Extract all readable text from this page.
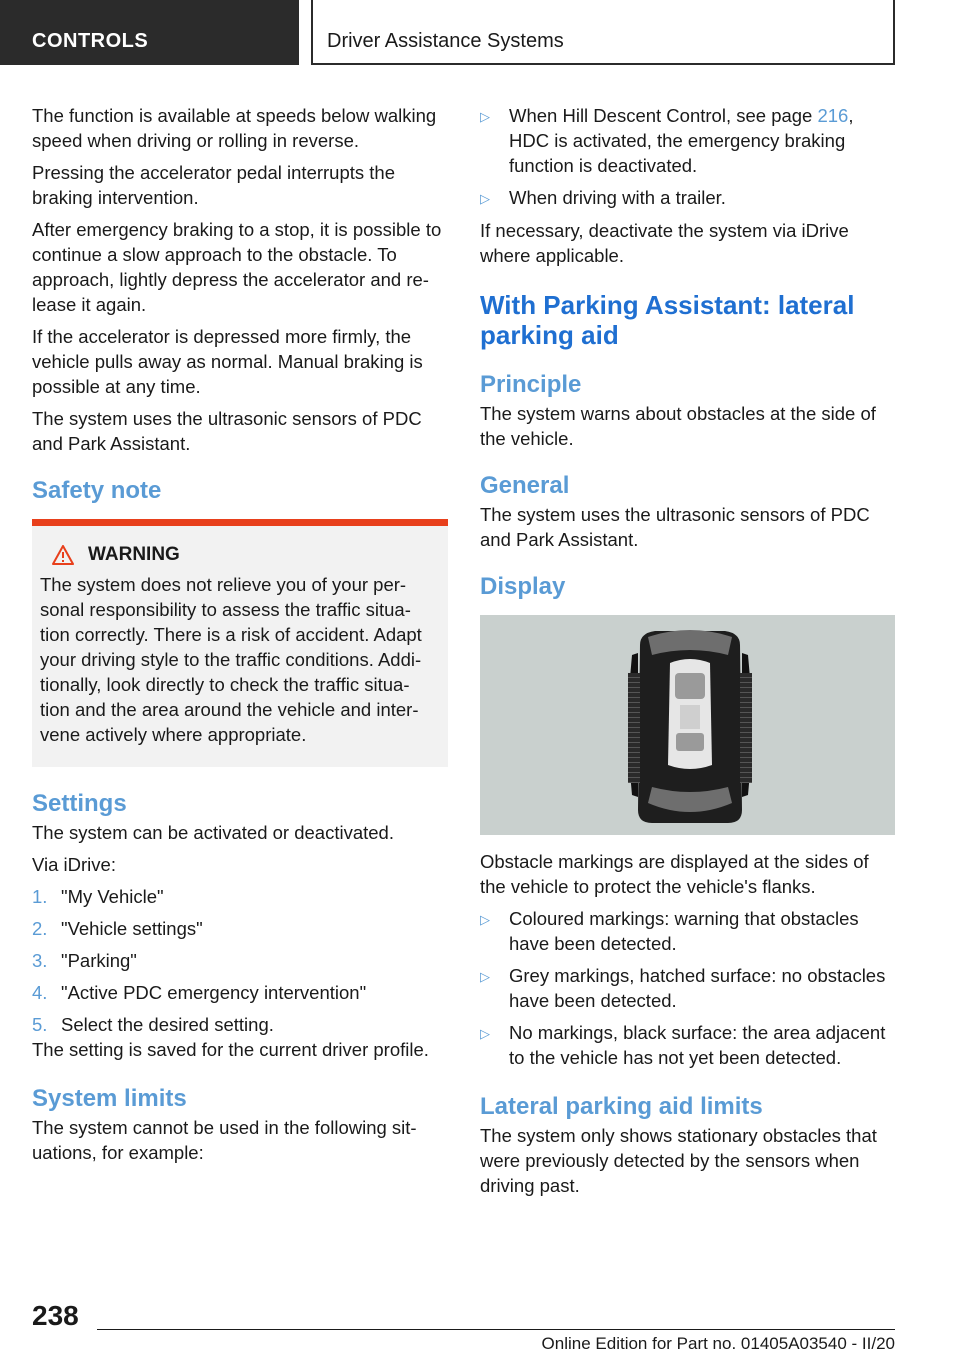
CONTROLS	Driver Assistance Systems

The function is available at speeds below walking speed when driving or rolling in reverse.

Pressing the accelerator pedal interrupts the braking intervention.

After emergency braking to a stop, it is possible to continue a slow approach to the obstacle. To approach, lightly depress the accelerator and re-lease it again.

If the accelerator is depressed more firmly, the vehicle pulls away as normal. Manual braking is possible at any time.

The system uses the ultrasonic sensors of PDC and Park Assistant.

Safety note
WARNING

The system does not relieve you of your per-sonal responsibility to assess the traffic situa-tion correctly. There is a risk of accident. Adapt your driving style to the traffic conditions. Addi-tionally, look directly to check the traffic situa-tion and the area around the vehicle and inter-vene actively where appropriate.

Settings

The system can be activated or deactivated.

Via iDrive:

1. "My Vehicle"
2. "Vehicle settings"
3. "Parking"
4. "Active PDC emergency intervention"
5. Select the desired setting.

The setting is saved for the current driver profile.

System limits

The system cannot be used in the following sit-uations, for example:

▷	When Hill Descent Control, see page 216, HDC is activated, the emergency braking function is deactivated.
▷	When driving with a trailer.

If necessary, deactivate the system via iDrive where applicable.

With Parking Assistant: lateral parking aid
Principle

The system warns about obstacles at the side of the vehicle.

General

The system uses the ultrasonic sensors of PDC and Park Assistant.

Display

Obstacle markings are displayed at the sides of the vehicle to protect the vehicle's flanks.

▷	Coloured markings: warning that obstacles have been detected.
▷	Grey markings, hatched surface: no obstacles have been detected.
▷	No markings, black surface: the area adjacent to the vehicle has not yet been detected.
Lateral parking aid limits

The system only shows stationary obstacles that were previously detected by the sensors when driving past.

238
Online Edition for Part no. 01405A03540 - II/20
